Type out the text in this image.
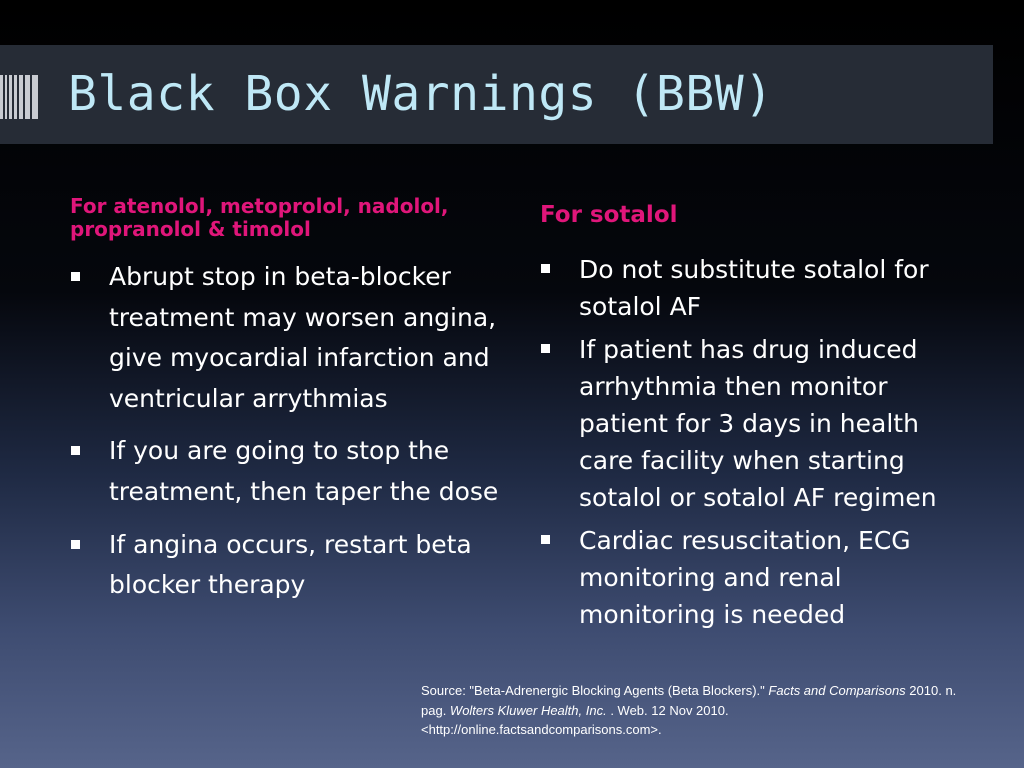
Black Box Warnings (BBW)
For atenolol, metoprolol, nadolol, propranolol & timolol
Abrupt stop in beta-blocker treatment may worsen angina, give myocardial infarction and ventricular arrythmias
If you are going to stop the treatment, then taper the dose
If angina occurs, restart beta blocker therapy
For sotalol
Do not substitute sotalol for sotalol AF
If patient has drug induced arrhythmia then monitor patient for 3 days in health care facility when starting sotalol or sotalol AF regimen
Cardiac resuscitation, ECG monitoring and renal monitoring is needed
Source: "Beta-Adrenergic Blocking Agents (Beta Blockers)." Facts and Comparisons 2010. n. pag. Wolters Kluwer Health, Inc. . Web. 12 Nov 2010. <http://online.factsandcomparisons.com>.
